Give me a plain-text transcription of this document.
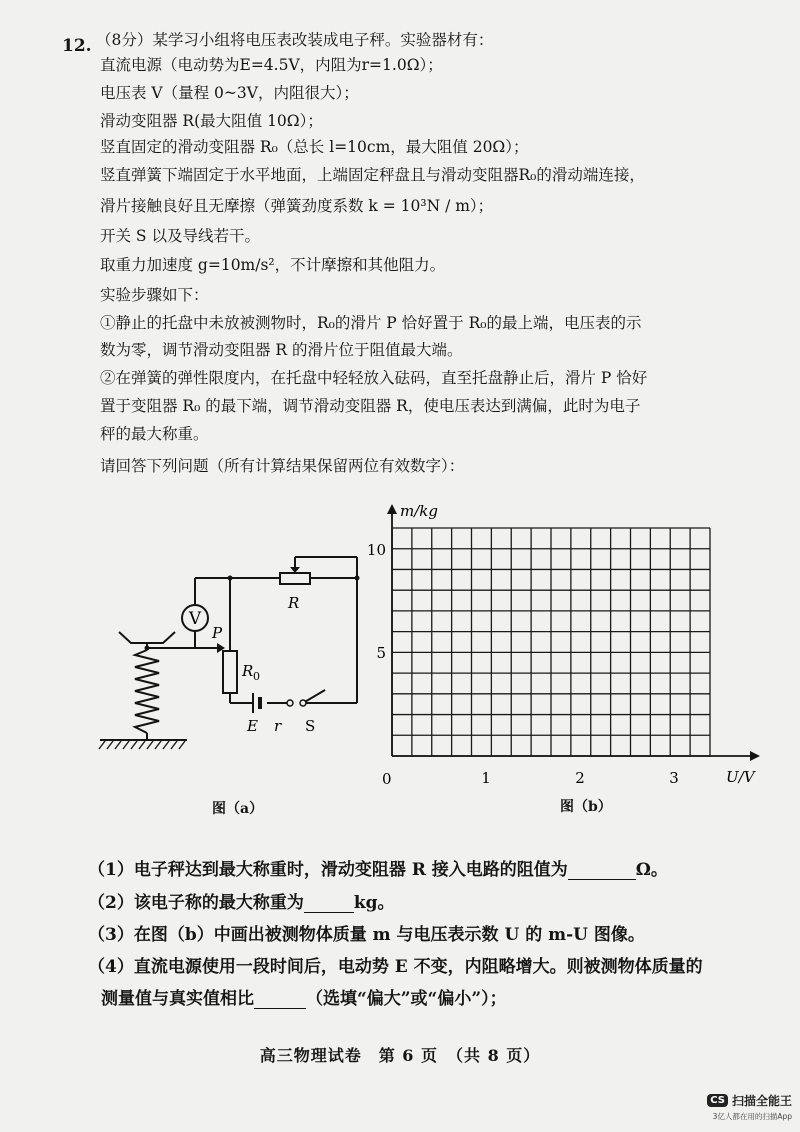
12. （8分）某学习小组将电压表改装成电子秤。实验器材有：
直流电源（电动势为E=4.5V，内阻为r=1.0Ω）；
电压表 V（量程 0~3V，内阻很大）；
滑动变阻器 R(最大阻值 10Ω）；
竖直固定的滑动变阻器 R₀（总长 l=10cm，最大阻值 20Ω）；
竖直弹簧下端固定于水平地面，上端固定秤盘且与滑动变阻器R₀的滑动端连接，
滑片接触良好且无摩擦（弹簧劲度系数 k = 10³N / m）；
开关 S 以及导线若干。
取重力加速度 g=10m/s²，不计摩擦和其他阻力。
实验步骤如下：
①静止的托盘中未放被测物时，R₀的滑片 P 恰好置于 R₀的最上端，电压表的示
数为零，调节滑动变阻器 R 的滑片位于阻值最大端。
②在弹簧的弹性限度内，在托盘中轻轻放入砝码，直至托盘静止后，滑片 P 恰好
置于变阻器 R₀ 的最下端，调节滑动变阻器 R，使电压表达到满偏，此时为电子
秤的最大称重。
请回答下列问题（所有计算结果保留两位有效数字）：
V
R
P
R 0
E r S
图（a）
m/kg
U/V
0	1	2	3
5
10
图（b）
（1）电子秤达到最大称重时，滑动变阻器 R 接入电路的阻值为	Ω。
（2）该电子称的最大称重为	kg。
（3）在图（b）中画出被测物体质量 m 与电压表示数 U 的 m-U 图像。
（4）直流电源使用一段时间后，电动势 E 不变，内阻略增大。则被测物体质量的
测量值与真实值相比	（选填“偏大”或“偏小”）；
高三物理试卷　第 6 页　（共 8 页）
CS 扫描全能王
3亿人都在用的扫描App
